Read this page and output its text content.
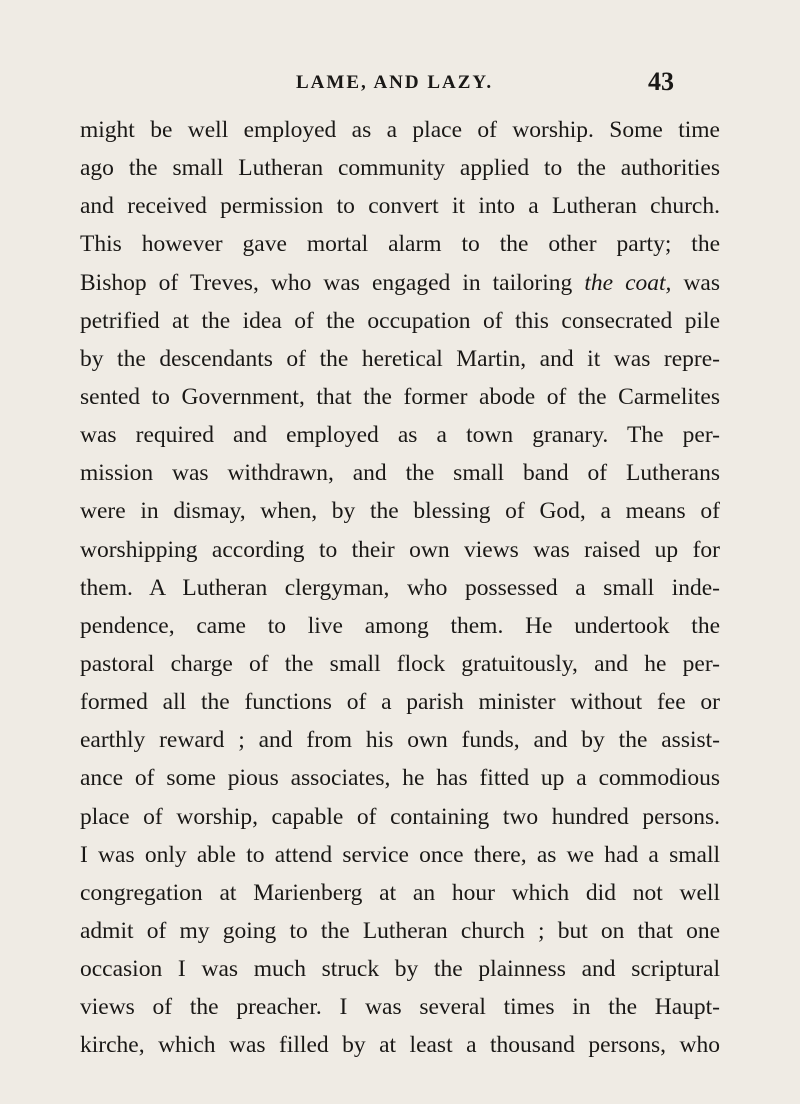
LAME, AND LAZY.	43
might be well employed as a place of worship. Some time
ago the small Lutheran community applied to the authorities
and received permission to convert it into a Lutheran church.
This however gave mortal alarm to the other party; the
Bishop of Treves, who was engaged in tailoring the coat, was
petrified at the idea of the occupation of this consecrated pile
by the descendants of the heretical Martin, and it was repre-
sented to Government, that the former abode of the Carmelites
was required and employed as a town granary. The per-
mission was withdrawn, and the small band of Lutherans
were in dismay, when, by the blessing of God, a means of
worshipping according to their own views was raised up for
them. A Lutheran clergyman, who possessed a small inde-
pendence, came to live among them. He undertook the
pastoral charge of the small flock gratuitously, and he per-
formed all the functions of a parish minister without fee or
earthly reward ; and from his own funds, and by the assist-
ance of some pious associates, he has fitted up a commodious
place of worship, capable of containing two hundred persons.
I was only able to attend service once there, as we had a small
congregation at Marienberg at an hour which did not well
admit of my going to the Lutheran church ; but on that one
occasion I was much struck by the plainness and scriptural
views of the preacher. I was several times in the Haupt-
kirche, which was filled by at least a thousand persons, who
